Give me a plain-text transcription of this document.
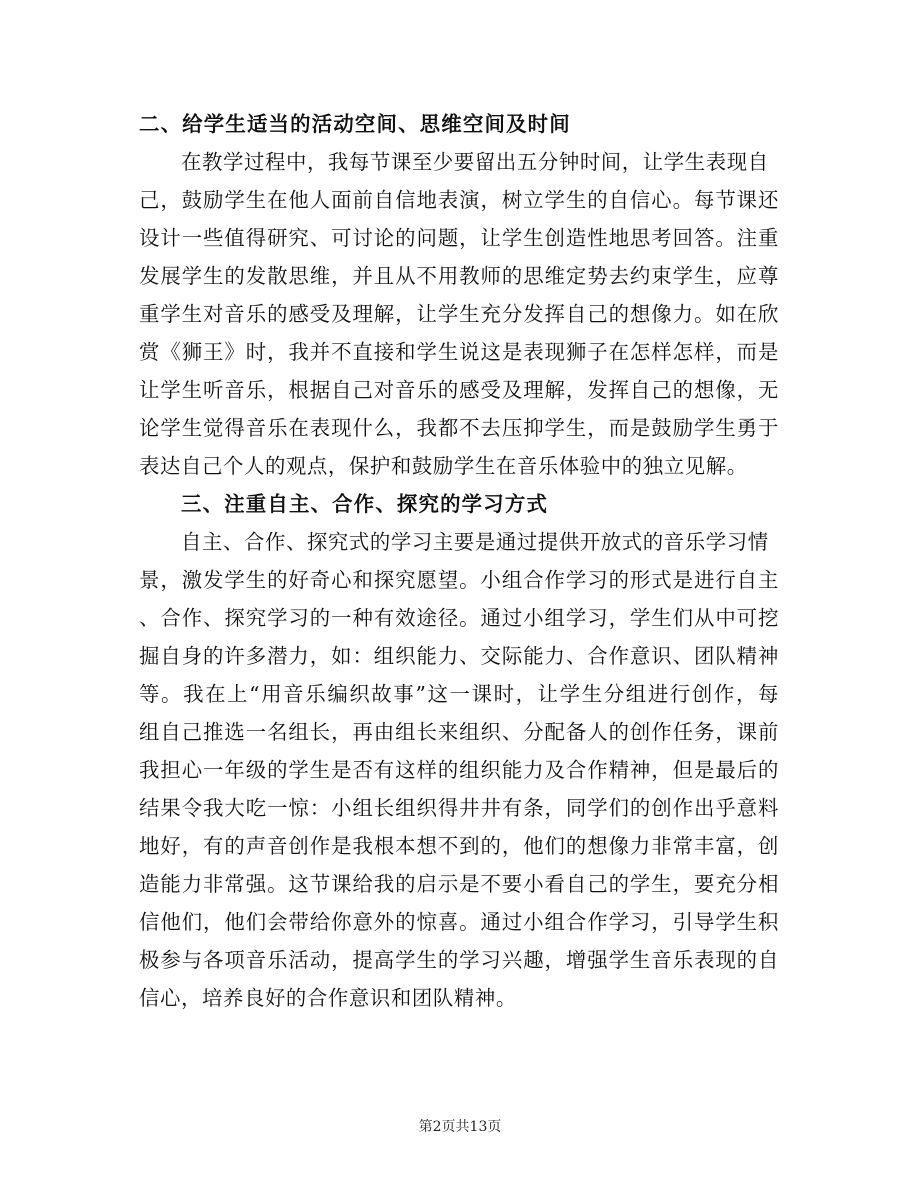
二、给学生适当的活动空间、思维空间及时间
在教学过程中，我每节课至少要留出五分钟时间，让学生表现自
己，鼓励学生在他人面前自信地表演，树立学生的自信心。每节课还
设计一些值得研究、可讨论的问题，让学生创造性地思考回答。注重
发展学生的发散思维，并且从不用教师的思维定势去约束学生，应尊
重学生对音乐的感受及理解，让学生充分发挥自己的想像力。如在欣
赏《狮王》时，我并不直接和学生说这是表现狮子在怎样怎样，而是
让学生听音乐，根据自己对音乐的感受及理解，发挥自己的想像，无
论学生觉得音乐在表现什么，我都不去压抑学生，而是鼓励学生勇于
表达自己个人的观点，保护和鼓励学生在音乐体验中的独立见解。
三、注重自主、合作、探究的学习方式
自主、合作、探究式的学习主要是通过提供开放式的音乐学习情
景，激发学生的好奇心和探究愿望。小组合作学习的形式是进行自主
、合作、探究学习的一种有效途径。通过小组学习，学生们从中可挖
掘自身的许多潜力，如：组织能力、交际能力、合作意识、团队精神
等。我在上“用音乐编织故事”这一课时，让学生分组进行创作，每
组自己推选一名组长，再由组长来组织、分配备人的创作任务，课前
我担心一年级的学生是否有这样的组织能力及合作精神，但是最后的
结果令我大吃一惊：小组长组织得井井有条，同学们的创作出乎意料
地好，有的声音创作是我根本想不到的，他们的想像力非常丰富，创
造能力非常强。这节课给我的启示是不要小看自己的学生，要充分相
信他们，他们会带给你意外的惊喜。通过小组合作学习，引导学生积
极参与各项音乐活动，提高学生的学习兴趣，增强学生音乐表现的自
信心，培养良好的合作意识和团队精神。
第2页共13页
